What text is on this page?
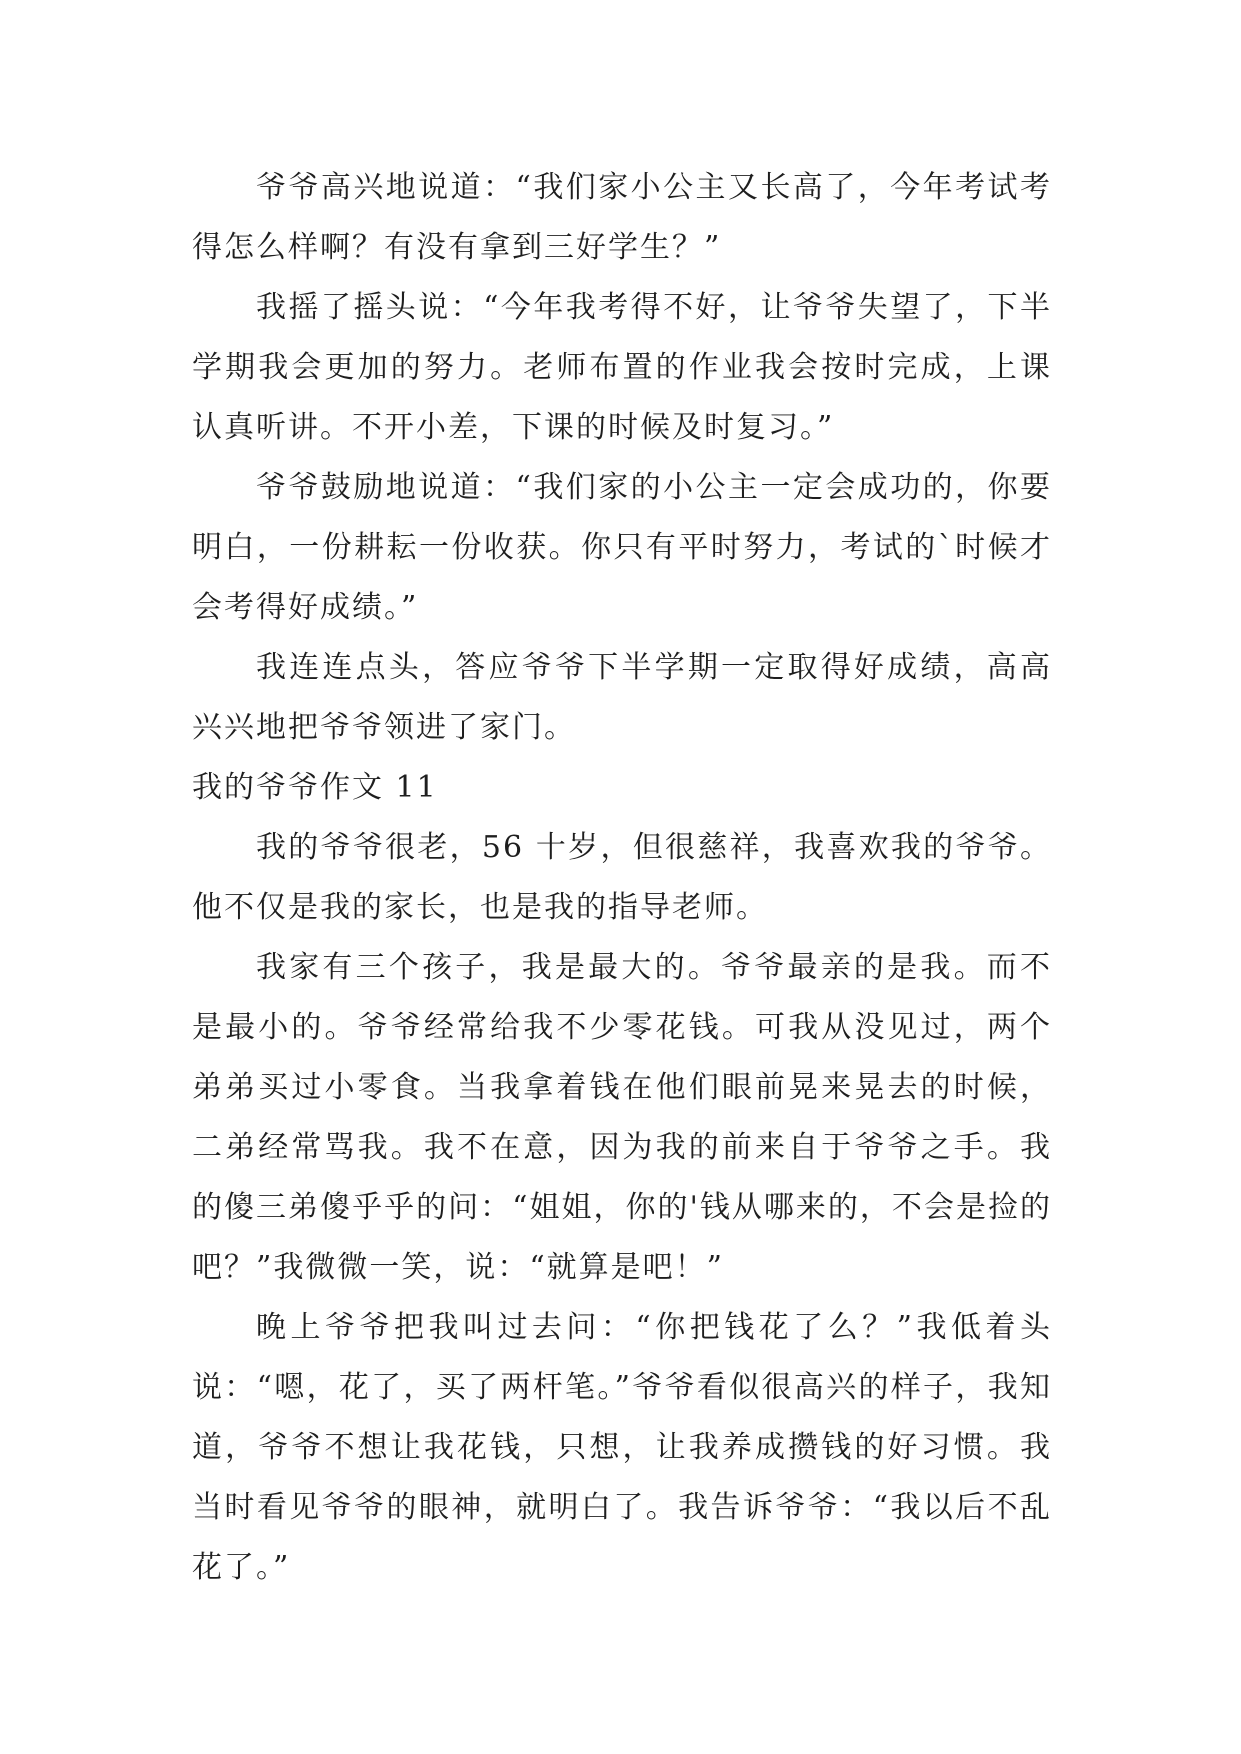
爷爷高兴地说道：“我们家小公主又长高了，今年考试考得怎么样啊？有没有拿到三好学生？”

我摇了摇头说：“今年我考得不好，让爷爷失望了，下半学期我会更加的努力。老师布置的作业我会按时完成，上课认真听讲。不开小差，下课的时候及时复习。”

爷爷鼓励地说道：“我们家的小公主一定会成功的，你要明白，一份耕耘一份收获。你只有平时努力，考试的`时候才会考得好成绩。”

我连连点头，答应爷爷下半学期一定取得好成绩，高高兴兴地把爷爷领进了家门。

我的爷爷作文 11

我的爷爷很老，56 十岁，但很慈祥，我喜欢我的爷爷。他不仅是我的家长，也是我的指导老师。

我家有三个孩子，我是最大的。爷爷最亲的是我。而不是最小的。爷爷经常给我不少零花钱。可我从没见过，两个弟弟买过小零食。当我拿着钱在他们眼前晃来晃去的时候，二弟经常骂我。我不在意，因为我的前来自于爷爷之手。我的傻三弟傻乎乎的问：“姐姐，你的'钱从哪来的，不会是捡的吧？”我微微一笑，说：“就算是吧！”

晚上爷爷把我叫过去问：“你把钱花了么？”我低着头说：“嗯，花了，买了两杆笔。”爷爷看似很高兴的样子，我知道，爷爷不想让我花钱，只想，让我养成攒钱的好习惯。我当时看见爷爷的眼神，就明白了。我告诉爷爷：“我以后不乱花了。”
